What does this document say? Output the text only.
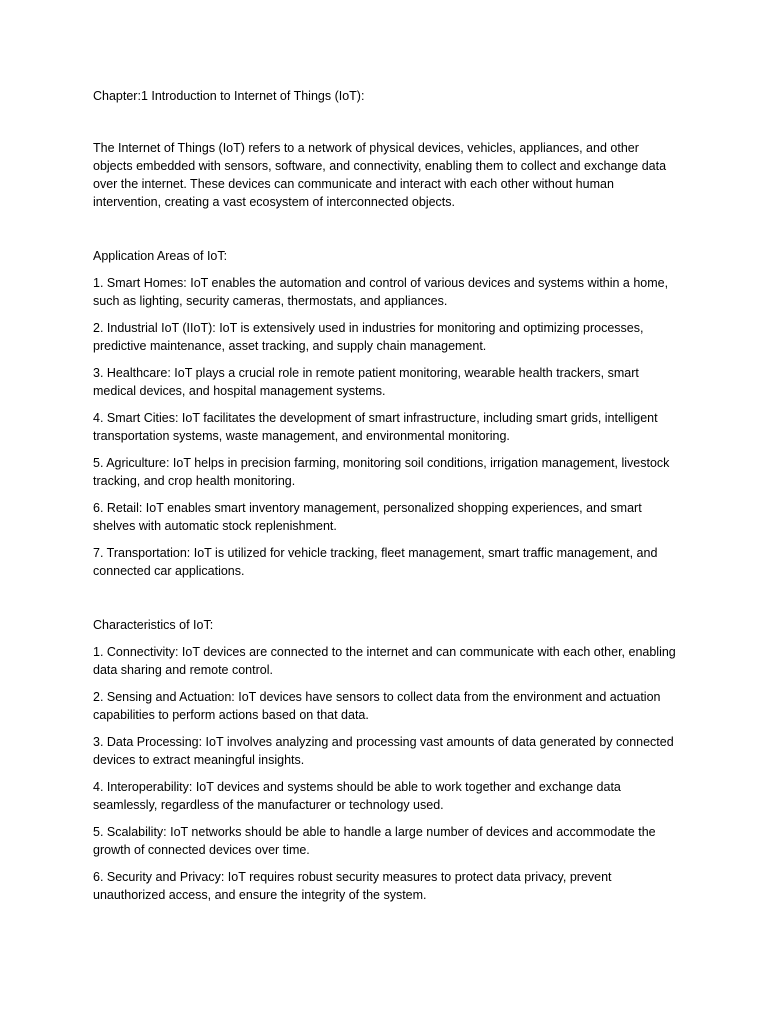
Chapter:1 Introduction to Internet of Things (IoT):

The Internet of Things (IoT) refers to a network of physical devices, vehicles, appliances, and other objects embedded with sensors, software, and connectivity, enabling them to collect and exchange data over the internet. These devices can communicate and interact with each other without human intervention, creating a vast ecosystem of interconnected objects.

Application Areas of IoT:

1. Smart Homes: IoT enables the automation and control of various devices and systems within a home, such as lighting, security cameras, thermostats, and appliances.

2. Industrial IoT (IIoT): IoT is extensively used in industries for monitoring and optimizing processes, predictive maintenance, asset tracking, and supply chain management.

3. Healthcare: IoT plays a crucial role in remote patient monitoring, wearable health trackers, smart medical devices, and hospital management systems.

4. Smart Cities: IoT facilitates the development of smart infrastructure, including smart grids, intelligent transportation systems, waste management, and environmental monitoring.

5. Agriculture: IoT helps in precision farming, monitoring soil conditions, irrigation management, livestock tracking, and crop health monitoring.

6. Retail: IoT enables smart inventory management, personalized shopping experiences, and smart shelves with automatic stock replenishment.

7. Transportation: IoT is utilized for vehicle tracking, fleet management, smart traffic management, and connected car applications.

Characteristics of IoT:

1. Connectivity: IoT devices are connected to the internet and can communicate with each other, enabling data sharing and remote control.

2. Sensing and Actuation: IoT devices have sensors to collect data from the environment and actuation capabilities to perform actions based on that data.

3. Data Processing: IoT involves analyzing and processing vast amounts of data generated by connected devices to extract meaningful insights.

4. Interoperability: IoT devices and systems should be able to work together and exchange data seamlessly, regardless of the manufacturer or technology used.

5. Scalability: IoT networks should be able to handle a large number of devices and accommodate the growth of connected devices over time.

6. Security and Privacy: IoT requires robust security measures to protect data privacy, prevent unauthorized access, and ensure the integrity of the system.
